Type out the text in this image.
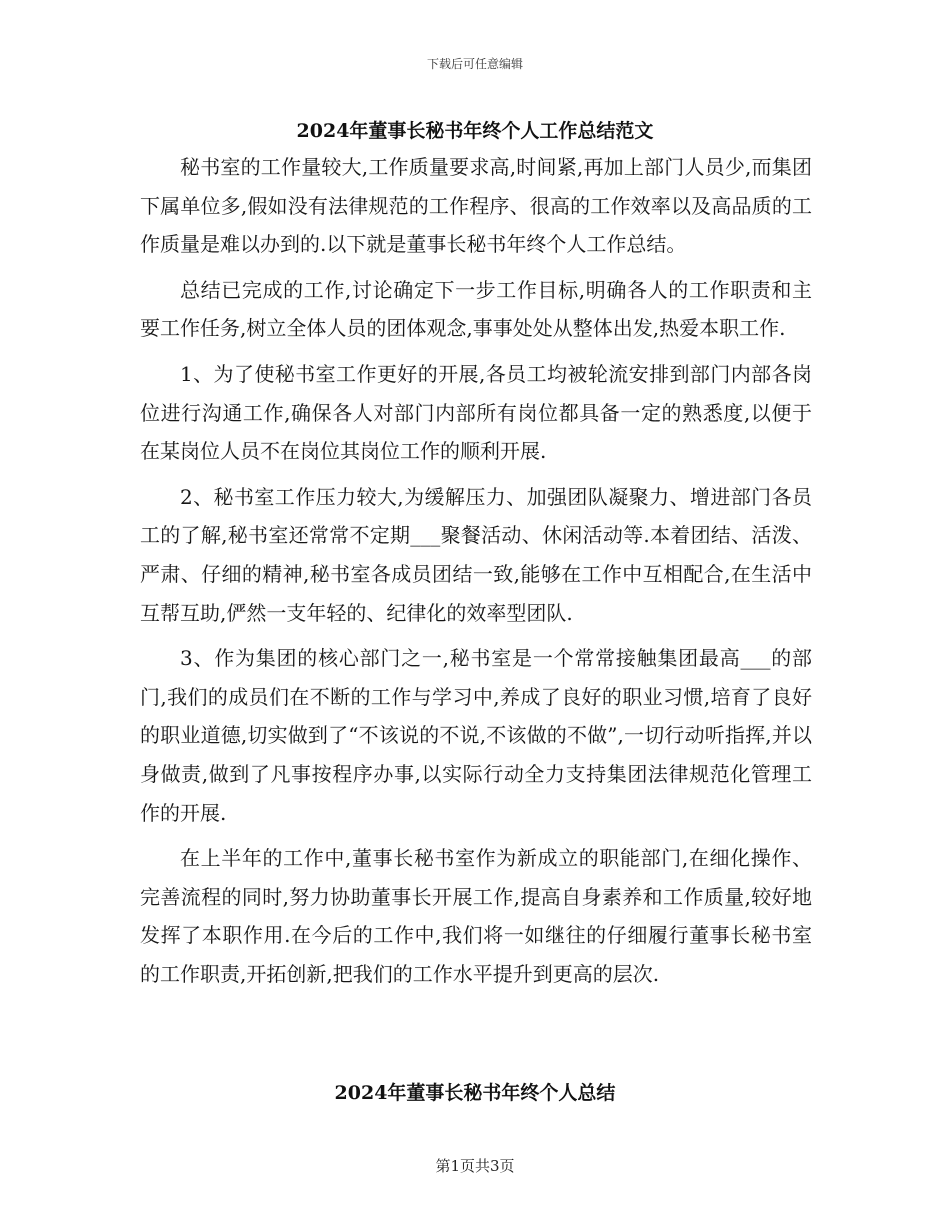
下载后可任意编辑
2024年董事长秘书年终个人工作总结范文

秘书室的工作量较大,工作质量要求高,时间紧,再加上部门人员少,而集团下属单位多,假如没有法律规范的工作程序、很高的工作效率以及高品质的工作质量是难以办到的.以下就是董事长秘书年终个人工作总结。

总结已完成的工作,讨论确定下一步工作目标,明确各人的工作职责和主要工作任务,树立全体人员的团体观念,事事处处从整体出发,热爱本职工作.

1、为了使秘书室工作更好的开展,各员工均被轮流安排到部门内部各岗位进行沟通工作,确保各人对部门内部所有岗位都具备一定的熟悉度,以便于在某岗位人员不在岗位其岗位工作的顺利开展.

2、秘书室工作压力较大,为缓解压力、加强团队凝聚力、增进部门各员工的了解,秘书室还常常不定期___聚餐活动、休闲活动等.本着团结、活泼、严肃、仔细的精神,秘书室各成员团结一致,能够在工作中互相配合,在生活中互帮互助,俨然一支年轻的、纪律化的效率型团队.

3、作为集团的核心部门之一,秘书室是一个常常接触集团最高___的部门,我们的成员们在不断的工作与学习中,养成了良好的职业习惯,培育了良好的职业道德,切实做到了“不该说的不说,不该做的不做”,一切行动听指挥,并以身做责,做到了凡事按程序办事,以实际行动全力支持集团法律规范化管理工作的开展.

在上半年的工作中,董事长秘书室作为新成立的职能部门,在细化操作、完善流程的同时,努力协助董事长开展工作,提高自身素养和工作质量,较好地发挥了本职作用.在今后的工作中,我们将一如继往的仔细履行董事长秘书室的工作职责,开拓创新,把我们的工作水平提升到更高的层次.

2024年董事长秘书年终个人总结
第1页共3页
